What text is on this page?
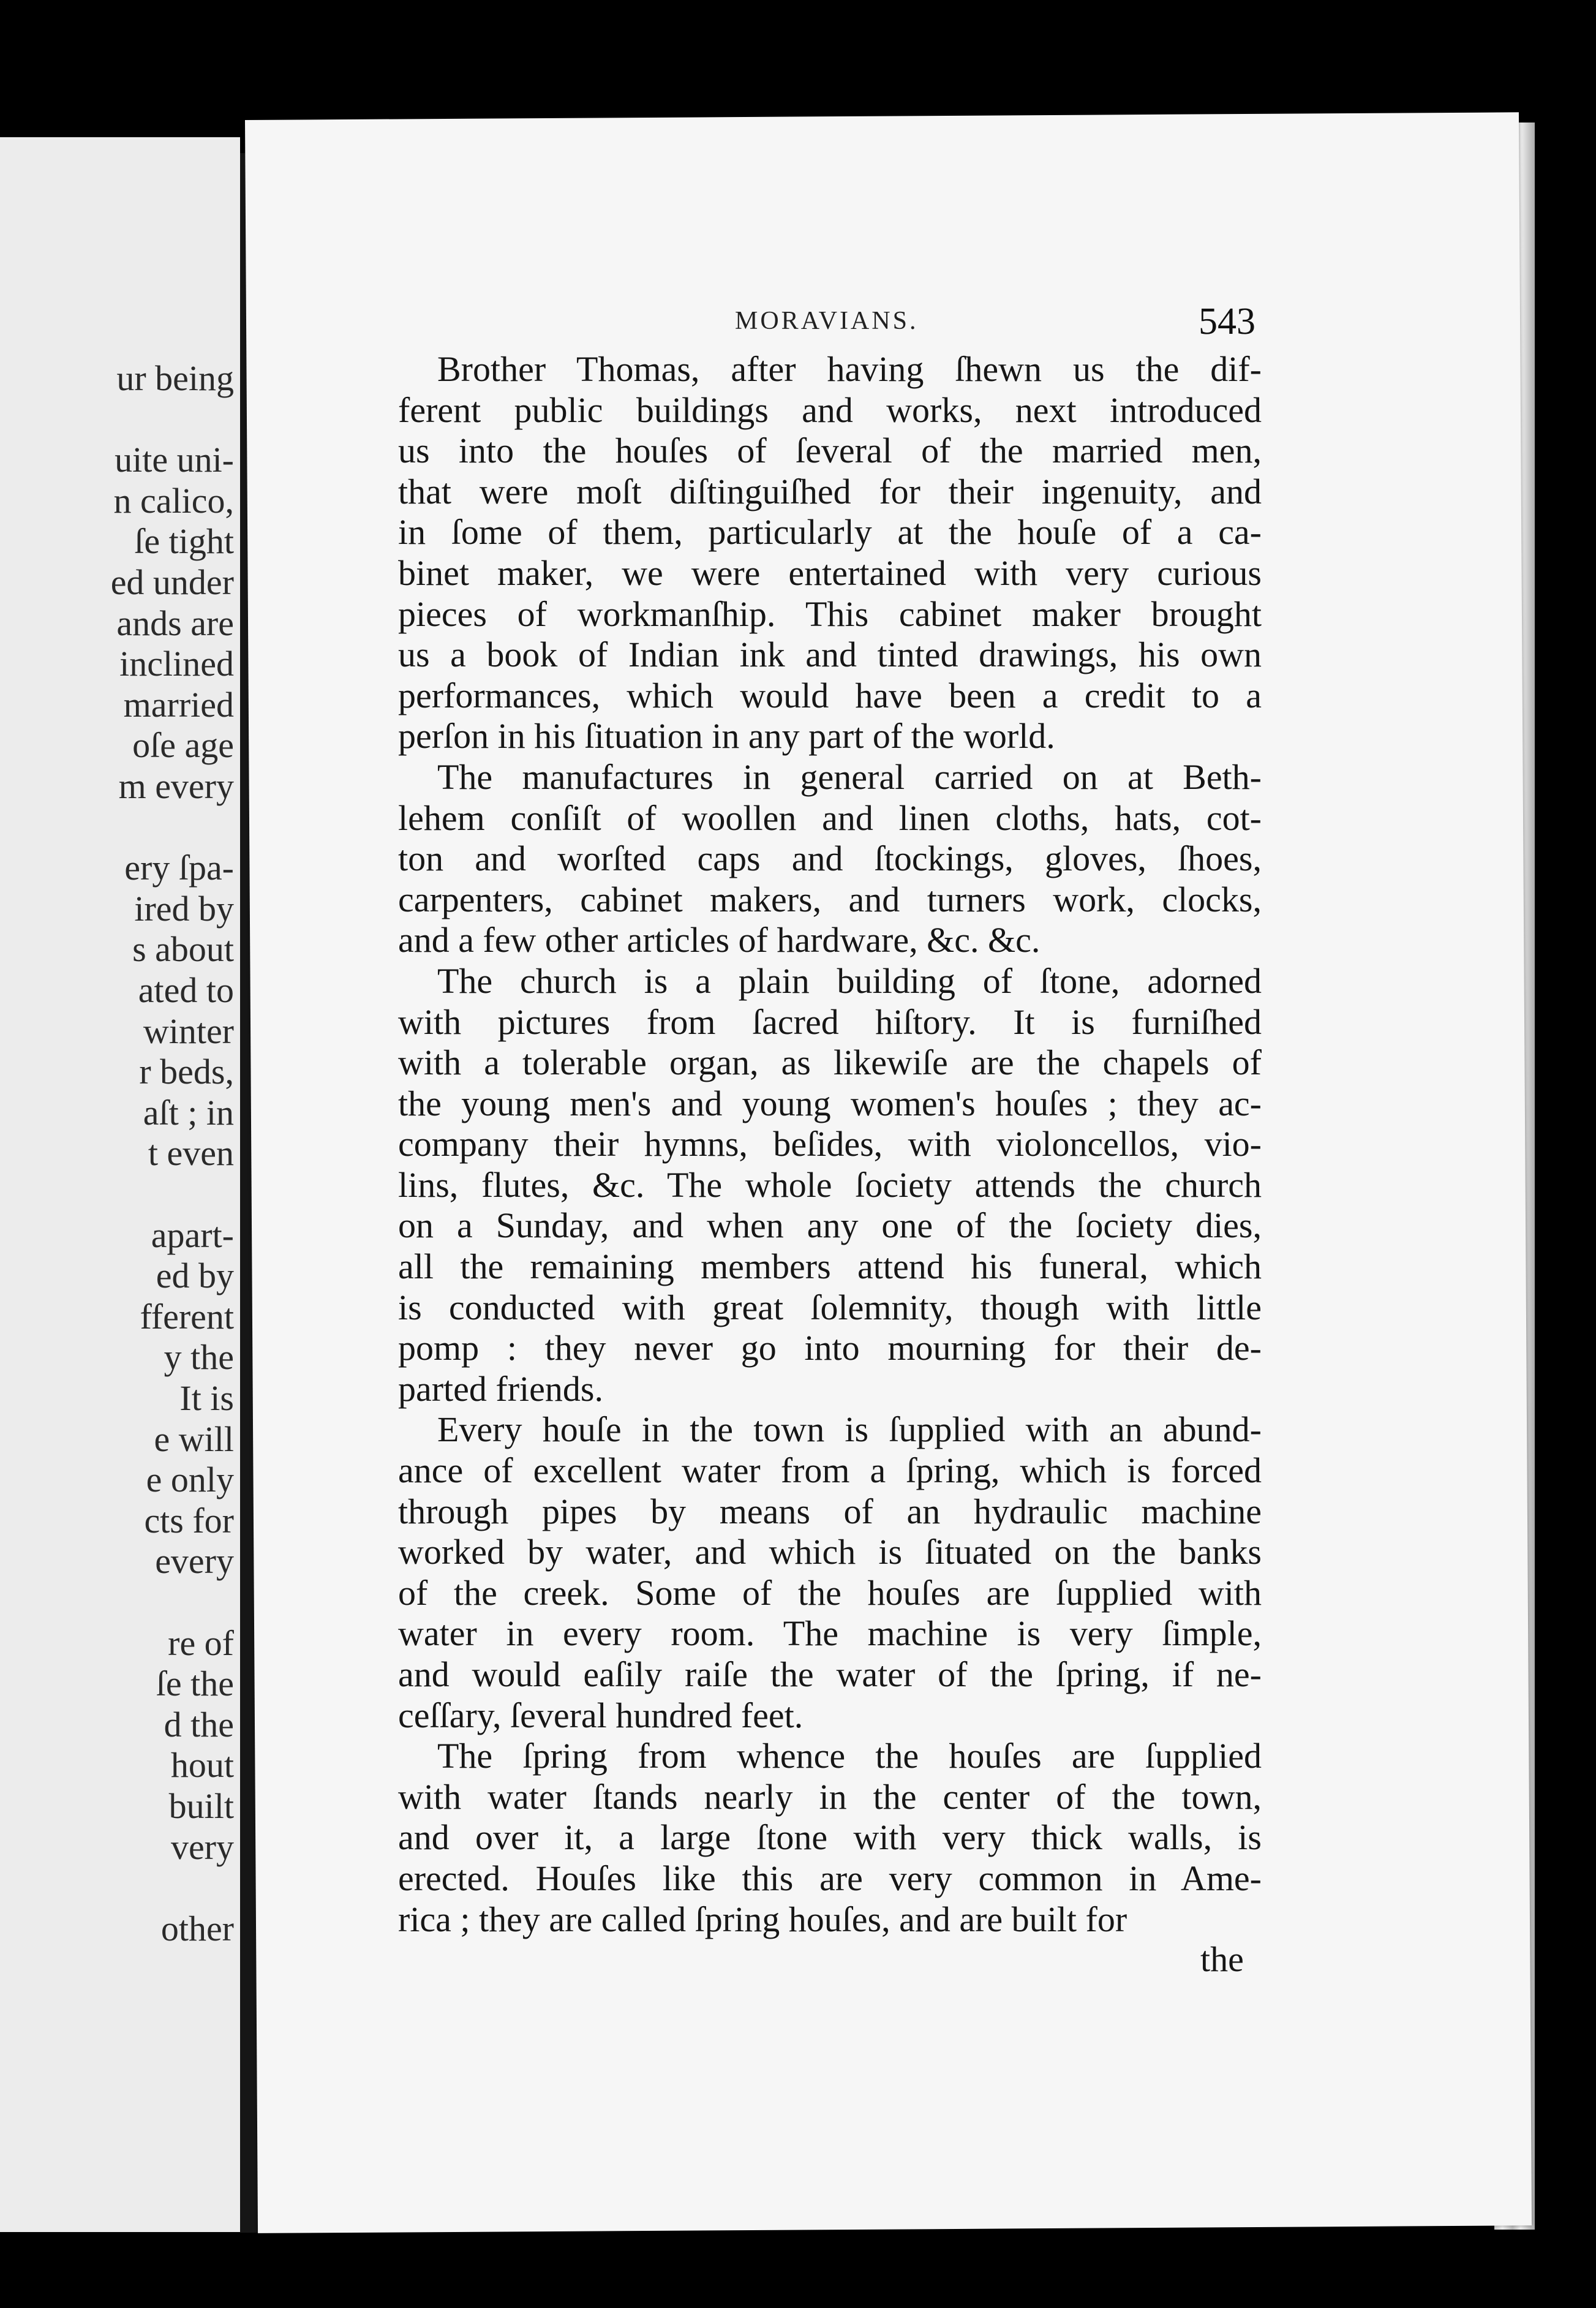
ur being
uite uni-
n calico,
ſe tight
ed under
ands are
inclined
married
oſe age
m every
ery ſpa-
ired by
s about
ated to
winter
r beds,
aſt ; in
t even
apart-
ed by
fferent
y the
It is
e will
e only
cts for
every
re of
ſe the
d the
hout
built
very
other
MORAVIANS.	543
Brother Thomas, after having ſhewn us the dif-
ferent public buildings and works, next introduced
us into the houſes of ſeveral of the married men,
that were moſt diſtinguiſhed for their ingenuity, and
in ſome of them, particularly at the houſe of a ca-
binet maker, we were entertained with very curious
pieces of workmanſhip. This cabinet maker brought
us a book of Indian ink and tinted drawings, his own
performances, which would have been a credit to a
perſon in his ſituation in any part of the world.
The manufactures in general carried on at Beth-
lehem conſiſt of woollen and linen cloths, hats, cot-
ton and worſted caps and ſtockings, gloves, ſhoes,
carpenters, cabinet makers, and turners work, clocks,
and a few other articles of hardware, &c. &c.
The church is a plain building of ſtone, adorned
with pictures from ſacred hiſtory. It is furniſhed
with a tolerable organ, as likewiſe are the chapels of
the young men's and young women's houſes ; they ac-
company their hymns, beſides, with violoncellos, vio-
lins, flutes, &c. The whole ſociety attends the church
on a Sunday, and when any one of the ſociety dies,
all the remaining members attend his funeral, which
is conducted with great ſolemnity, though with little
pomp : they never go into mourning for their de-
parted friends.
Every houſe in the town is ſupplied with an abund-
ance of excellent water from a ſpring, which is forced
through pipes by means of an hydraulic machine
worked by water, and which is ſituated on the banks
of the creek. Some of the houſes are ſupplied with
water in every room. The machine is very ſimple,
and would eaſily raiſe the water of the ſpring, if ne-
ceſſary, ſeveral hundred feet.
The ſpring from whence the houſes are ſupplied
with water ſtands nearly in the center of the town,
and over it, a large ſtone with very thick walls, is
erected. Houſes like this are very common in Ame-
rica ; they are called ſpring houſes, and are built for
the
